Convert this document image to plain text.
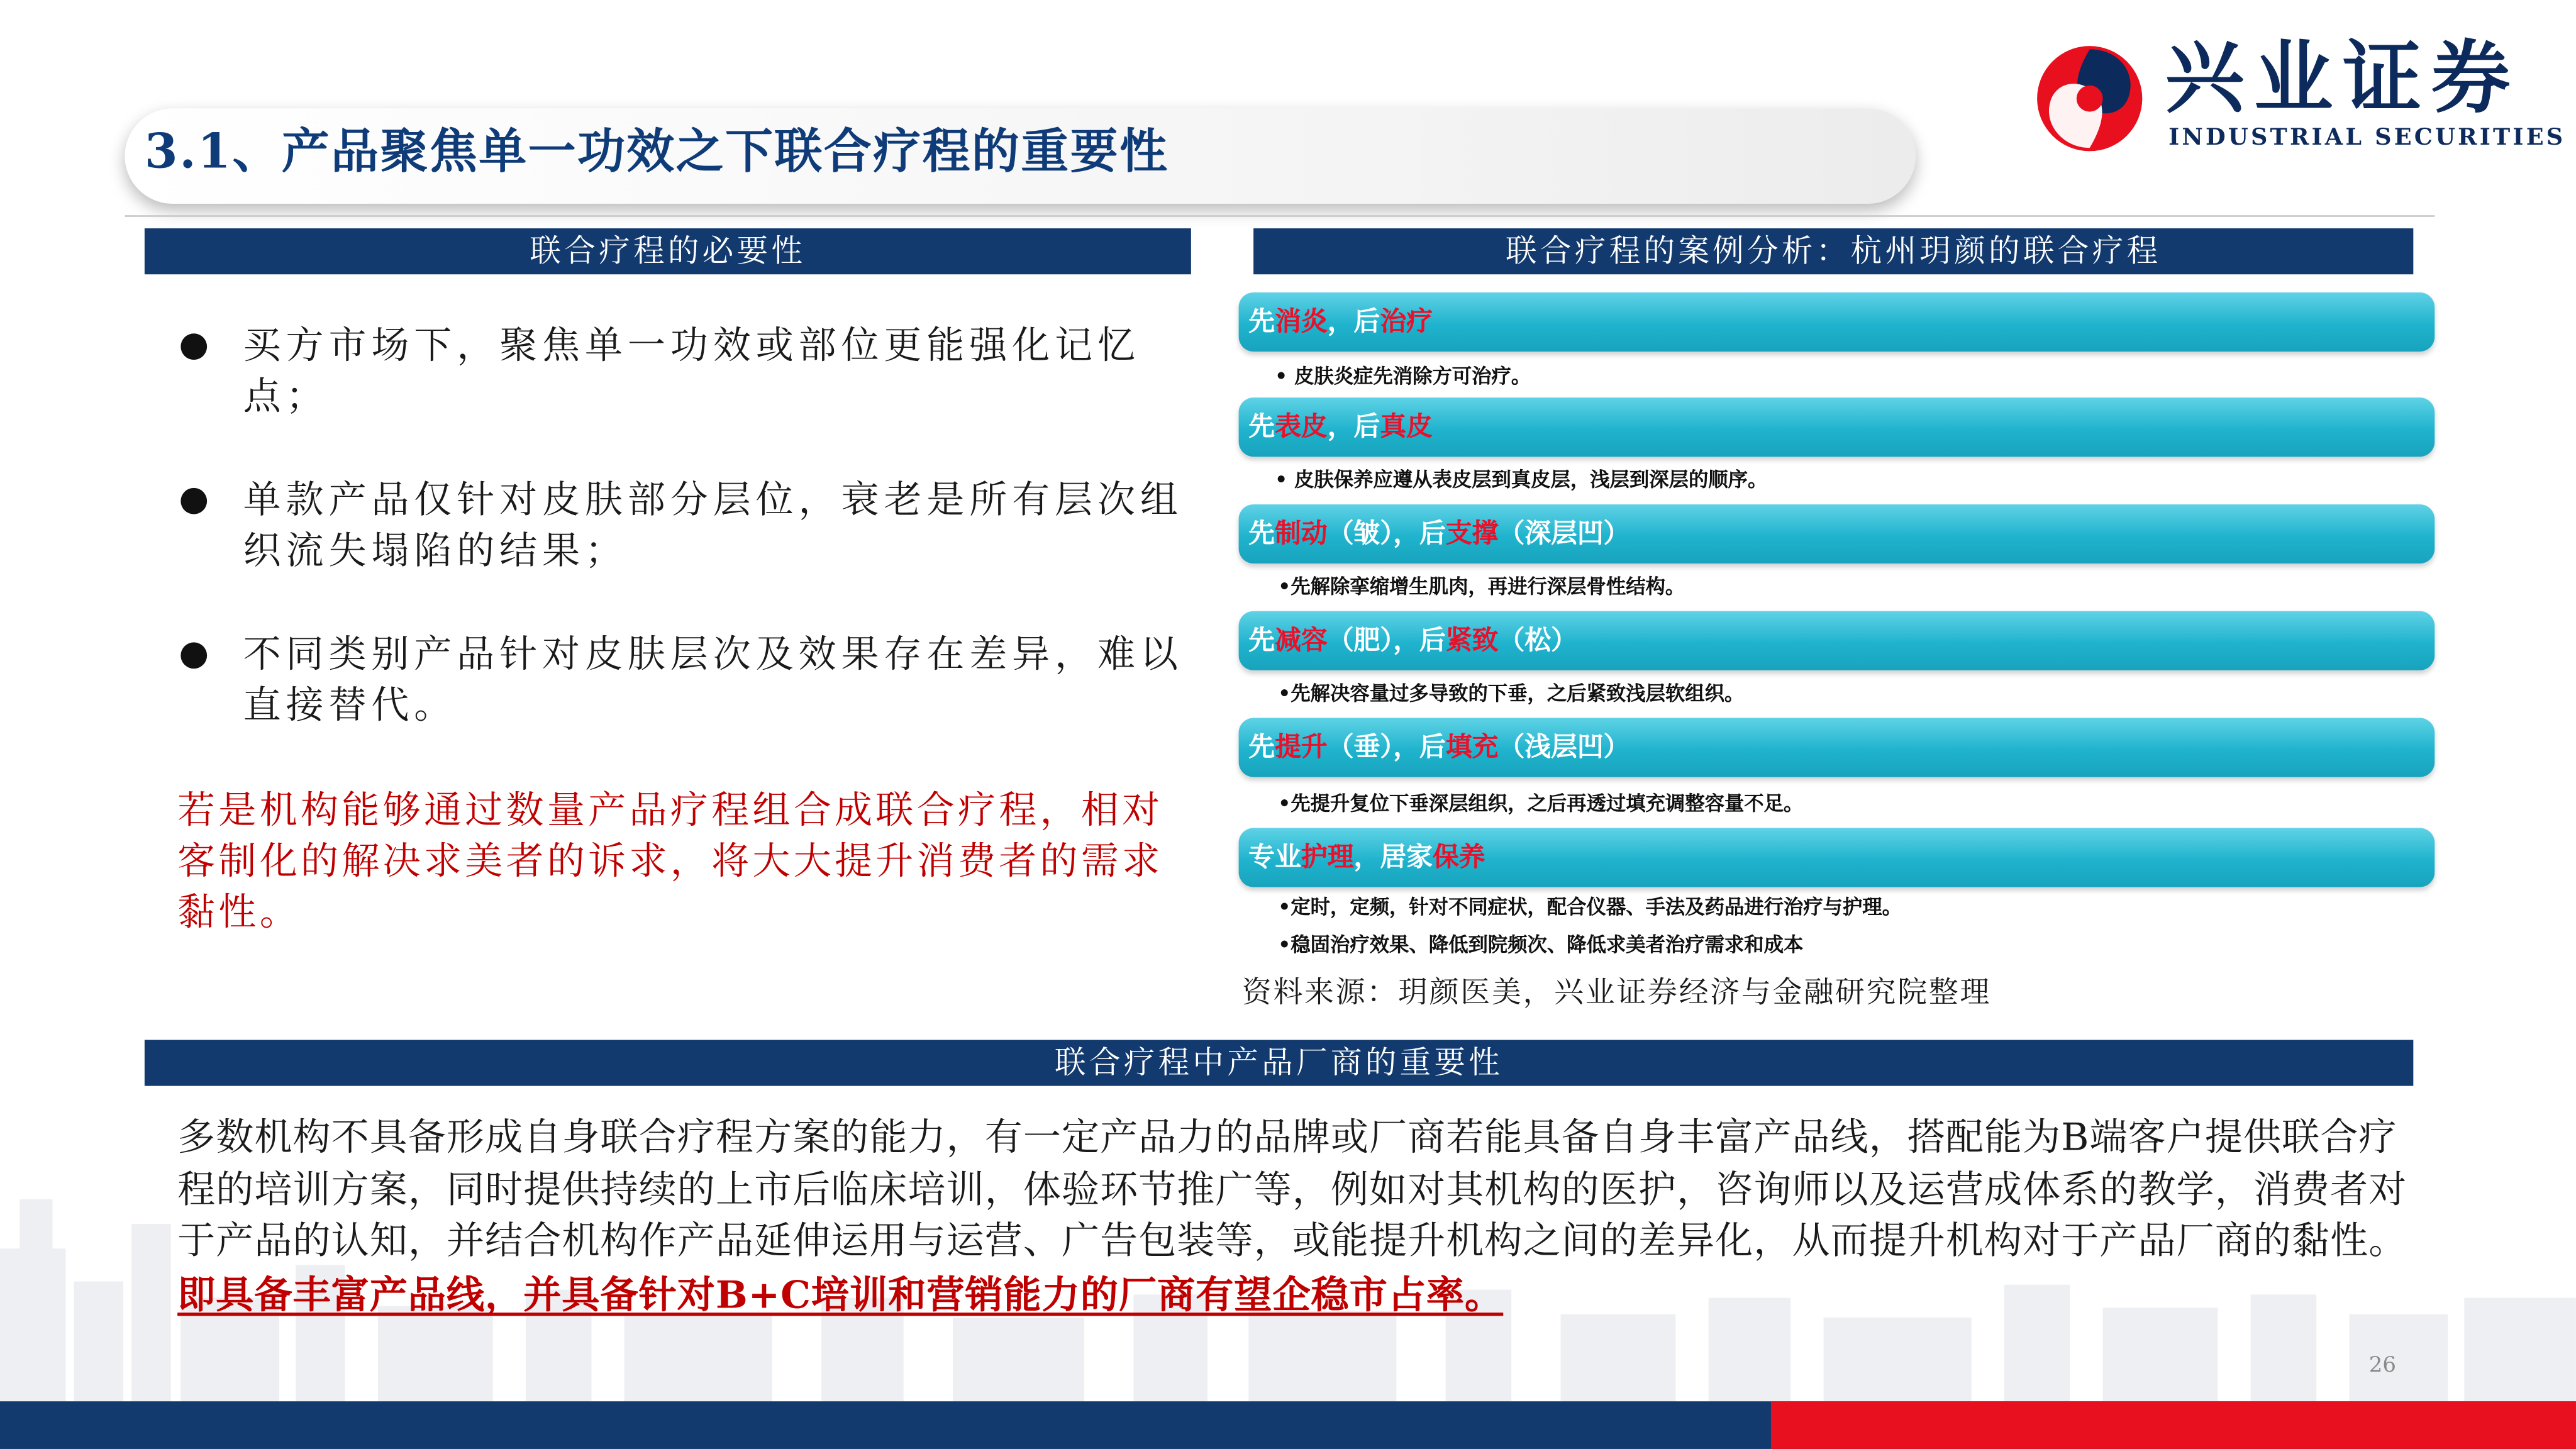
3.1、产品聚焦单一功效之下联合疗程的重要性
兴业证券
INDUSTRIAL SECURITIES
联合疗程的必要性
买方市场下，聚焦单一功效或部位更能强化记忆点；
单款产品仅针对皮肤部分层位，衰老是所有层次组织流失塌陷的结果；
不同类别产品针对皮肤层次及效果存在差异，难以直接替代。
若是机构能够通过数量产品疗程组合成联合疗程，相对客制化的解决求美者的诉求，将大大提升消费者的需求黏性。
联合疗程的案例分析：杭州玥颜的联合疗程
先消炎，后治疗
• 皮肤炎症先消除方可治疗。
先表皮，后真皮
• 皮肤保养应遵从表皮层到真皮层，浅层到深层的顺序。
先制动（皱），后支撑（深层凹）
•先解除挛缩增生肌肉，再进行深层骨性结构。
先减容（肥），后紧致（松）
•先解决容量过多导致的下垂，之后紧致浅层软组织。
先提升（垂），后填充（浅层凹）
•先提升复位下垂深层组织，之后再透过填充调整容量不足。
专业护理，居家保养
•定时，定频，针对不同症状，配合仪器、手法及药品进行治疗与护理。
•稳固治疗效果、降低到院频次、降低求美者治疗需求和成本
资料来源：玥颜医美，兴业证券经济与金融研究院整理
联合疗程中产品厂商的重要性
多数机构不具备形成自身联合疗程方案的能力，有一定产品力的品牌或厂商若能具备自身丰富产品线，搭配能为B端客户提供联合疗程的培训方案，同时提供持续的上市后临床培训，体验环节推广等，例如对其机构的医护，咨询师以及运营成体系的教学，消费者对于产品的认知，并结合机构作产品延伸运用与运营、广告包装等，或能提升机构之间的差异化，从而提升机构对于产品厂商的黏性。即具备丰富产品线，并具备针对B+C培训和营销能力的厂商有望企稳市占率。
26
